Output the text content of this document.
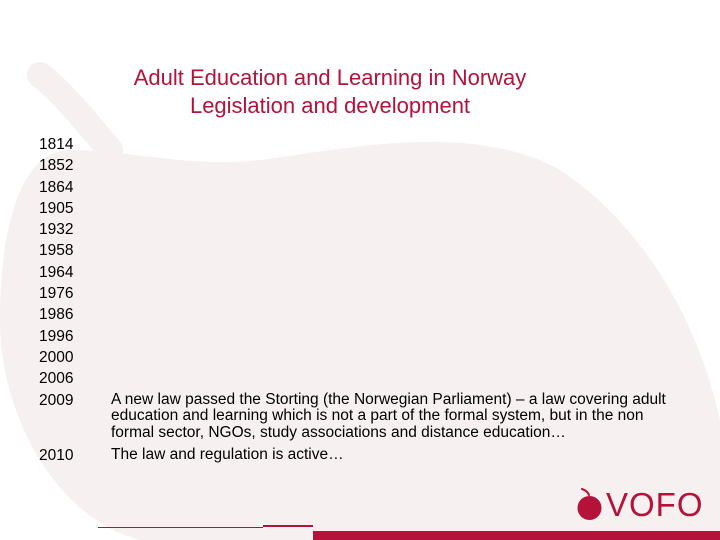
Adult Education and Learning in Norway
Legislation and development
1814
1852
1864
1905
1932
1958
1964
1976
1986
1996
2000
2006
2009	A new law passed the Storting (the Norwegian Parliament) – a law covering adult education and learning which is not a part of the formal system, but in the non formal sector, NGOs, study associations and distance education…
2010	The law and regulation is active…
VOFO
